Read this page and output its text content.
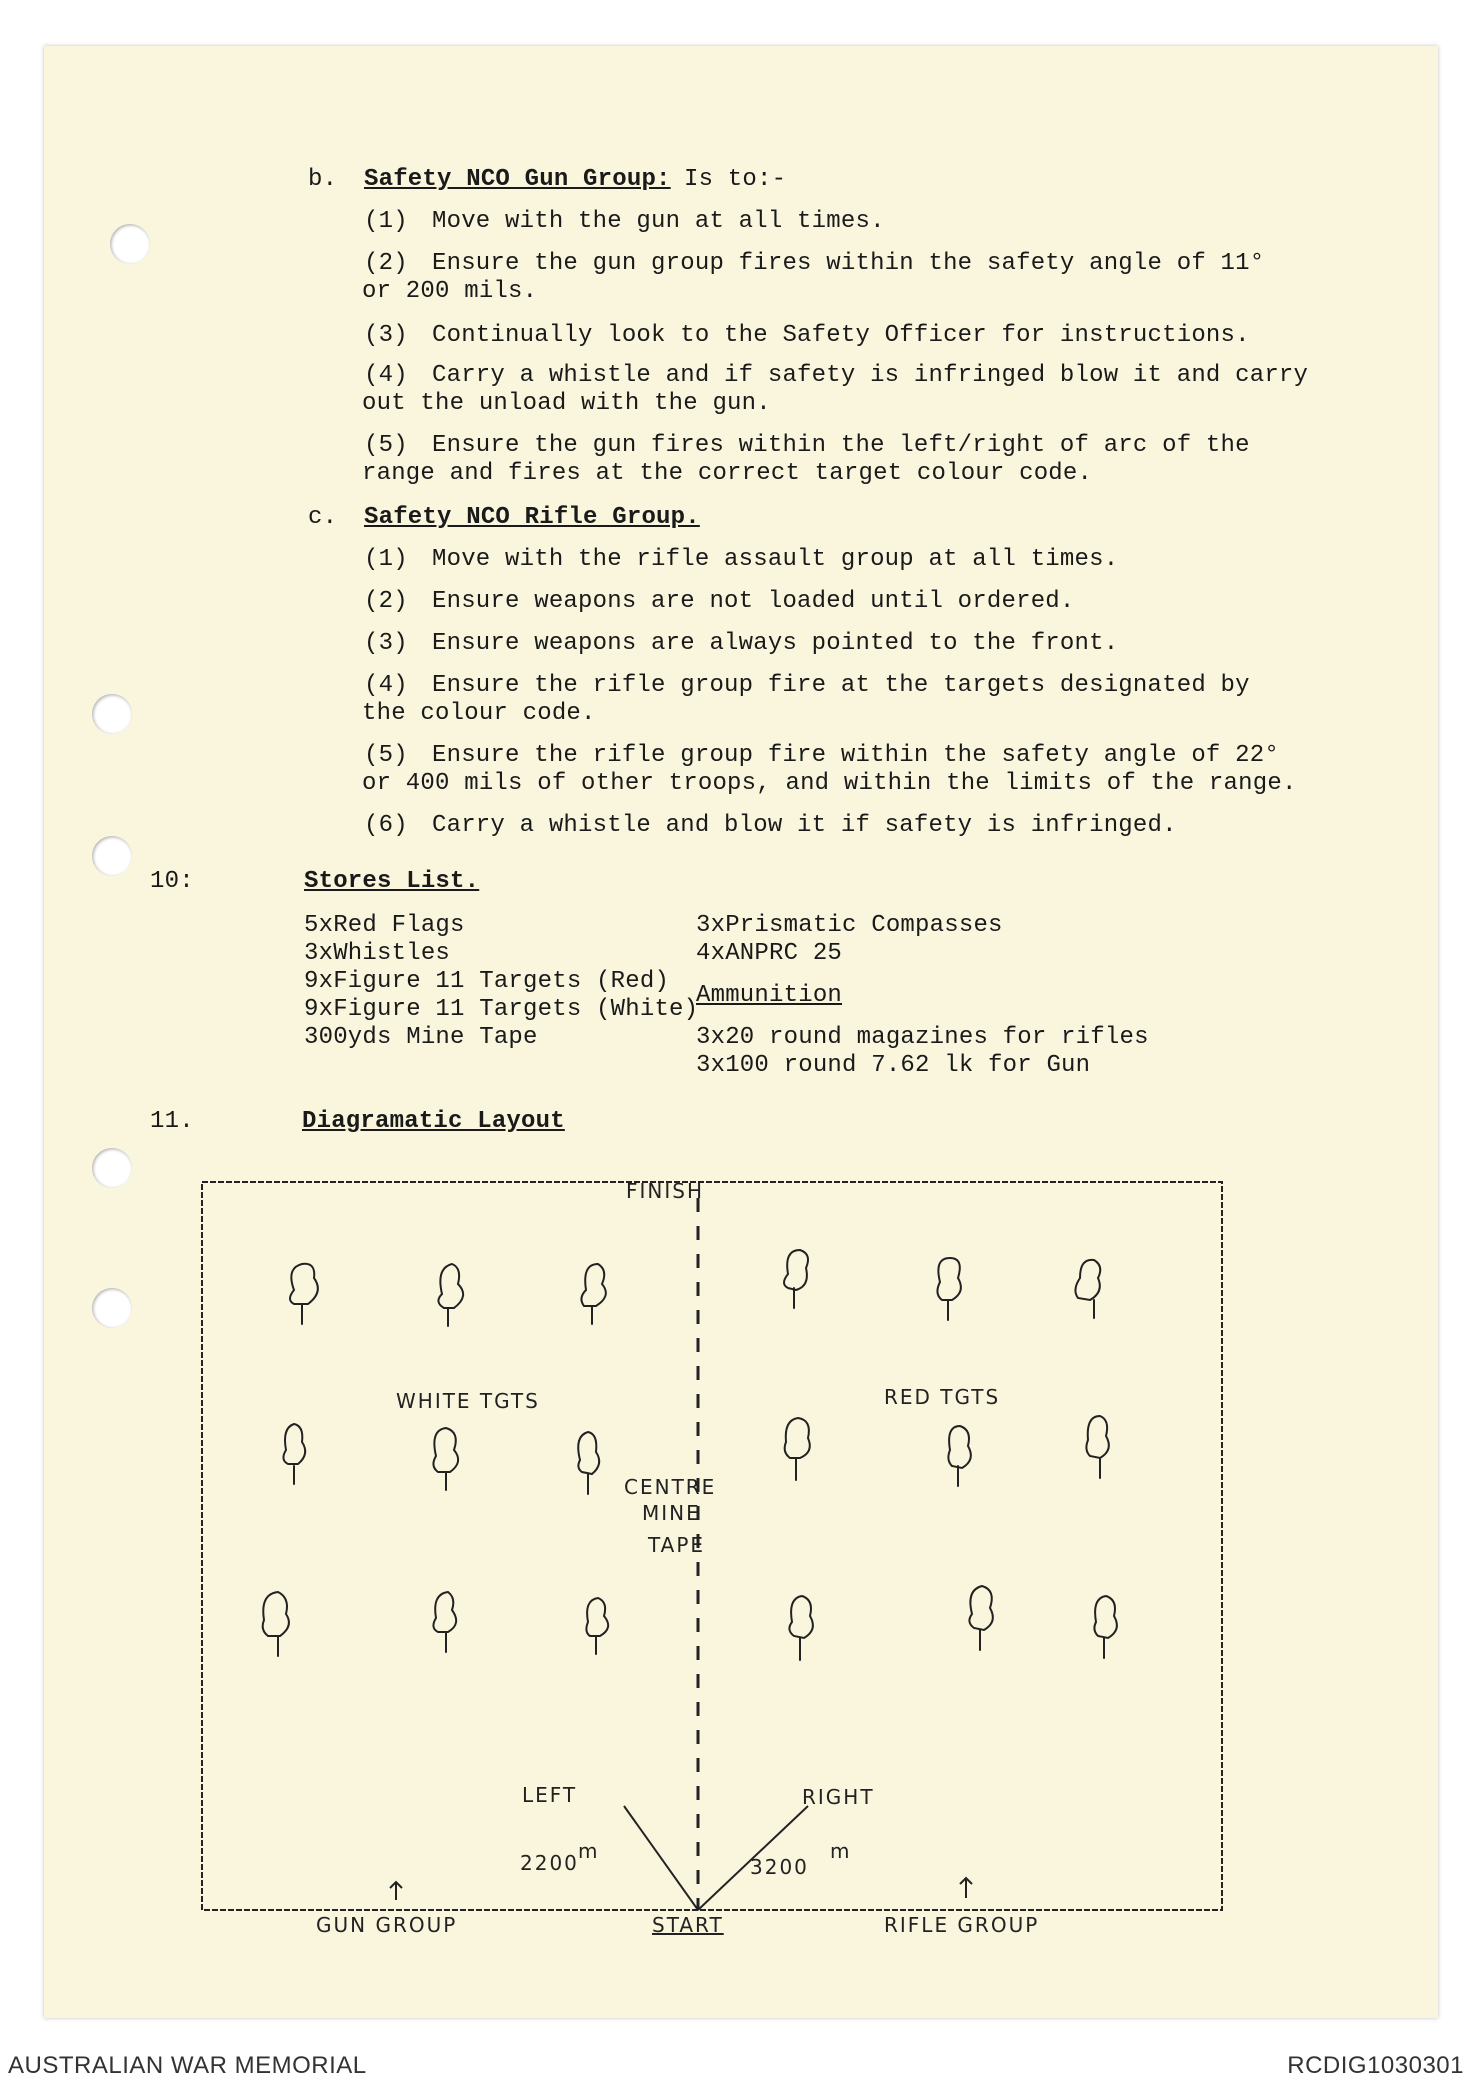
b. Safety NCO Gun Group: Is to:-
(1) Move with the gun at all times.
(2) Ensure the gun group fires within the safety angle of 11°
or 200 mils.
(3) Continually look to the Safety Officer for instructions.
(4) Carry a whistle and if safety is infringed blow it and carry
out the unload with the gun.
(5) Ensure the gun fires within the left/right of arc of the
range and fires at the correct target colour code.
c. Safety NCO Rifle Group.
(1) Move with the rifle assault group at all times.
(2) Ensure weapons are not loaded until ordered.
(3) Ensure weapons are always pointed to the front.
(4) Ensure the rifle group fire at the targets designated by
the colour code.
(5) Ensure the rifle group fire within the safety angle of 22°
or 400 mils of other troops, and within the limits of the range.
(6) Carry a whistle and blow it if safety is infringed.
10:	Stores List.
5xRed Flags
3xWhistles
9xFigure 11 Targets (Red)
9xFigure 11 Targets (White)
300yds Mine Tape
3xPrismatic Compasses
4xANPRC 25
Ammunition
3x20 round magazines for rifles
3x100 round 7.62 lk for Gun
11.	Diagramatic Layout
FINISH
WHITE TGTS	RED TGTS
CENTRE
MINE
TAPE
LEFT	RIGHT
2200 m
3200
m
GUN GROUP	START	RIFLE GROUP
AUSTRALIAN WAR MEMORIAL	RCDIG1030301
